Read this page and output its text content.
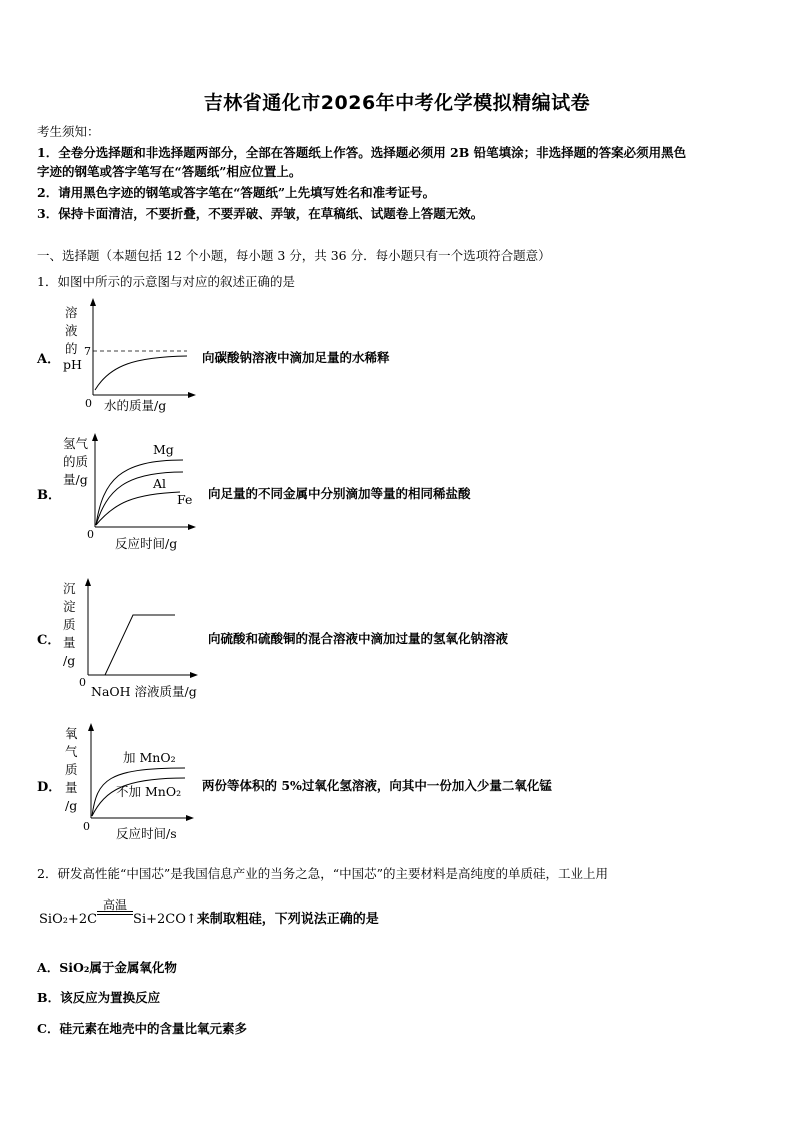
吉林省通化市2026年中考化学模拟精编试卷
考生须知：
1．全卷分选择题和非选择题两部分，全部在答题纸上作答。选择题必须用 2B 铅笔填涂；非选择题的答案必须用黑色
字迹的钢笔或答字笔写在“答题纸”相应位置上。
2．请用黑色字迹的钢笔或答字笔在“答题纸”上先填写姓名和准考证号。
3．保持卡面清洁，不要折叠，不要弄破、弄皱，在草稿纸、试题卷上答题无效。
一、选择题（本题包括 12 个小题，每小题 3 分，共 36 分．每小题只有一个选项符合题意）
1．如图中所示的示意图与对应的叙述正确的是
A．
溶
液
的
pH
7
0 水的质量/g
向碳酸钠溶液中滴加足量的水稀释
B．
氢气
的质
量/g
Mg
Al
Fe
0
反应时间/g
向足量的不同金属中分别滴加等量的相同稀盐酸
C．
沉
淀
质
量
/g
0
NaOH 溶液质量/g
向硫酸和硫酸铜的混合溶液中滴加过量的氢氧化钠溶液
D．
氧
气
质
量
/g
加 MnO₂
不加 MnO₂
0 反应时间/s
两份等体积的 5%过氧化氢溶液，向其中一份加入少量二氧化锰
2．研发高性能“中国芯”是我国信息产业的当务之急，“中国芯”的主要材料是高纯度的单质硅，工业上用
SiO₂+2C
高温
Si+2CO↑来制取粗硅，下列说法正确的是
A．SiO₂属于金属氧化物
B．该反应为置换反应
C．硅元素在地壳中的含量比氧元素多
